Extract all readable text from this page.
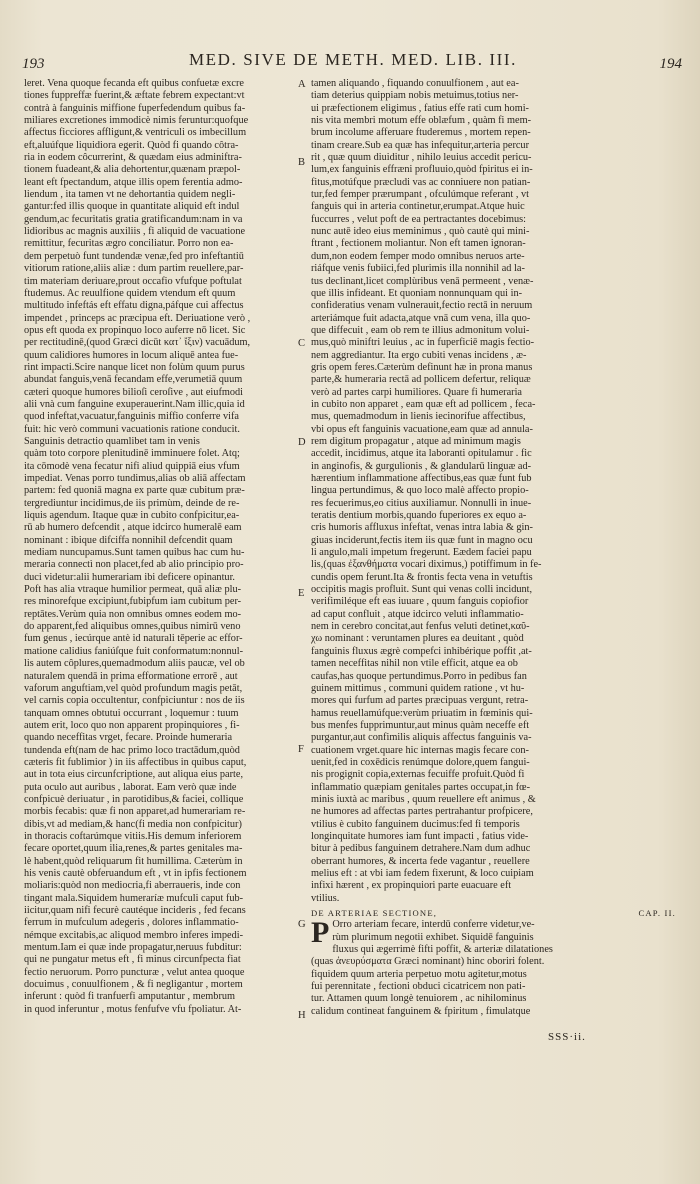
193	MED. SIVE DE METH. MED. LIB. III.	194
leret. Vena quoque fecanda eft quibus confuetæ excre
tiones fuppreffæ fuerint,& æftate febrem expectant:vt
contrà à fanguinis miffione fuperfedendum quibus fa-
miliares excretiones immodicè nimis feruntur:quofque
affectus ficciores affligunt,& ventriculi os imbecillum
eft,aluúfque liquidiora egerit. Quòd fi quando côtra-
ria in eodem côcurrerint, & quædam eius adminiftra-
tionem fuadeant,& alia dehortentur,quænam præpol-
leant eft fpectandum, atque illis opem ferentia admo-
liendum , ita tamen vt ne dehortantia quidem negli-
gantur:fed illis quoque in quantitate aliquid eft indul
gendum,ac fecuritatis gratia gratificandum:nam in va
lidioribus ac magnis auxiliis , fi aliquid de vacuatione
remittitur, fecuritas ægro conciliatur. Porro non ea-
dem perpetuò funt tundendæ venæ,fed pro infeftantiū
vitiorum ratione,aliis aliæ : dum partim reuellere,par-
tim materiam deriuare,prout occafio vfufque poftulat
ftudemus. Ac reuulfione quidem vtendum eft quum
multitudo infeftás eft effatu digna,páfque cui affectus
impendet , princeps ac præcipua eft. Deriuatione verò ,
opus eft quoda ex propinquo loco auferre nō licet. Sic
per rectitudinē,(quod Græci dicūt κατ᾽ ἴξιν) vacuādum,
quum calidiores humores in locum aliquē antea fue-
rint impacti.Scire nanque licet non folùm quum purus
abundat fanguis,venā fecandam effe,verumetiā quum
cæteri quoque humores bilioſi ceroſive , aut eiufmodi
alii vnà cum fanguine exuperauerint.Nam illic,quia id
quod infeftat,vacuatur,fanguinis miffio conferre vifa
fuit: hic verò communi vacuationis ratione conducit.
Sanguinis detractio quamlibet tam in venis
quàm toto corpore plenitudinē imminuere folet. Atq;
ita cōmodè vena fecatur nifi aliud quippiā eius vfum
impediat. Venas porro tundimus,alias ob aliā affectam
partem: fed quoniā magna ex parte quæ cubitum præ-
tergrediuntur incidimus,de iis primùm, deinde de re-
liquis agendum. Itaque quæ in cubito confpicitur,ea-
rū ab humero defcendit , atque idcirco humeralē eam
nominant : ibique difciffa nonnihil defcendit quam
mediam nuncupamus.Sunt tamen quibus hac cum hu-
meraria connectì non placet,fed ab alio principio pro-
duci videtur:alii humerariam ibi deficere opinantur.
Poft has alia vtraque humilior permeat, quā aliæ plu-
res minorefque excipiunt,fubipfum iam cubitum per-
reptātes.Verùm quia non omnibus omnes eodem mo-
do apparent,fed aliquibus omnes,quibus nimirū veno
fum genus , iecúrque antè id naturali tēperie ac effor-
matione calidius faniúſque fuit conformatum:nonnul-
lis autem côplures,quemadmodum aliis paucæ, vel ob
naturalem quendā in prima efformatione errorē , aut
vaforum anguftiam,vel quòd profundum magis petāt,
vel carnis copia occultentur, confpiciuntur : nos de iis
tanquam omnes obtutui occurrant , loquemur : tuum
autem erit, loco quo non apparent propinquiores , fi-
quando neceffitas vrget, fecare. Proinde humeraria
tundenda eft(nam de hac primo loco tractādum,quòd
cæteris fit fublimior ) in iis affectibus in quibus caput,
aut in tota eius circunfcriptione, aut aliqua eius parte,
puta oculo aut auribus , laborat. Eam verò quæ inde
confpicuè deriuatur , in parotidibus,& faciei, collique
morbis fecabis: quæ fi non apparet,ad humerariam re-
dibis,vt ad mediam,& hanc(fi media non confpicitur)
in thoracis coftarúmque vitiis.His demum inferiorem
fecare oportet,quum ilia,renes,& partes genitales ma-
lè habent,quòd reliquarum fit humillima. Cæterùm in
his venis cautè obferuandum eft , vt in ipfis fectionem
moliaris:quòd non mediocria,fi aberraueris, inde con
tingant mala.Siquidem humeraríæ mufculi caput fub-
iicitur,quam nifi fecurè cautéque incideris , fed fecans
ferrum in mufculum adegeris , dolores inflammatio-
némque excitabis,ac aliquod membro inferes impedi-
mentum.Iam ei quæ inde propagatur,neruus fubditur:
qui ne pungatur metus eft , fi minus circunfpecta fiat
fectio neruorum. Porro puncturæ , velut antea quoque
docuimus , conuulfionem , & fi negligantur , mortem
inferunt : quòd fi tranfuerfi amputantur , membrum
in quod inferuntur , motus fenfufve vfu fpoliatur. At-
tamen aliquando , fiquando conuulfionem , aut ea-
tiam deterius quippiam nobis metuimus,totius ner-
ui præfectionem eligimus , fatius effe rati cum homi-
nis vita membri motum effe oblæfum , quàm fi mem-
brum incolume afferuare ftuderemus , mortem repen-
tinam creare.Sub ea quæ has infequitur,arteria percur
rit , quæ quum diuiditur , nihilo leuius accedit pericu-
lum,ex fanguinis effræni profluuio,quòd fpiritus ei in-
fitus,motúfque præcludi vas ac conniuere non patian-
tur,fed femper prærumpant , ofculúmque referant , vt
fanguis qui in arteria continetur,erumpat.Atque huic
fuccurres , velut poft de ea pertractantes docebimus:
nunc autē ideo eius meminimus , quò cautè qui mini-
ftrant , fectionem moliantur. Non eft tamen ignoran-
dum,non eodem femper modo omnibus neruos arte-
riáfque venis fubiici,fed plurimis illa nonnihil ad la-
tus declinant,licet complùribus venā permeent , venæ-
que illis infideant. Et quoniam nonnunquam qui in-
confideratius venam vulnerauit,fectio rectā in neruum
arteriámque fuit adacta,atque vnā cum vena, illa quo-
que diffecuit , eam ob rem te illius admonitum volui-
mus,quò miniftri leuius , ac in fuperficiē magis fectio-
nem aggrediantur. Ita ergo cubiti venas incidens , æ-
gris opem feres.Cæterùm definunt hæ in prona manus
parte,& humeraria rectā ad pollicem defertur, reliquæ
verò ad partes carpi humiliores. Quare fi humeraria
in cubito non apparet , eam quæ eft ad pollicem , feca-
mus, quemadmodum in lienis iecinorífue affectibus,
vbi opus eft fanguinis vacuatione,eam quæ ad annula-
rem digitum propagatur , atque ad minimum magis
accedit, incidimus, atque ita laboranti opitulamur . fic
in anginofis, & gurgulionis , & glandularū linguæ ad-
hærentium inflammatione affectibus,eas quæ funt fub
lingua pertundimus, & quo loco malè affecto propio-
res fecuerimus,eo citius auxiliamur. Nonnulli in inue-
teratis dentium morbis,quando fuperiores ex equo a-
cris humoris affluxus infeftat, venas intra labia & gin-
giuas inciderunt,fectis item iis quæ funt in magno ocu
li angulo,mali impetum fregerunt. Eædem faciei papu
lis,(quas ἐξανθήματα vocari diximus,) potiffimum in fe-
cundis opem ferunt.Ita & frontis fecta vena in vetuftis
occipitis magis profluit. Sunt qui venas colli incidunt,
verifimiléque eft eas iuuare , quum fanguis copiofior
ad caput confluit , atque idcirco veluti inflammatio-
nem in cerebro concitat,aut fenfus veluti detinet,καῦ-
χω nominant : veruntamen plures ea deuitant , quòd
fanguinis fluxus ægrè compefci inhibérique poffit ,at-
tamen neceffitas nihil non vtile efficit, atque ea ob
caufas,has quoque pertundimus.Porro in pedibus fan
guinem mittimus , communi quidem ratione , vt hu-
mores qui furfum ad partes præcipuas vergunt, retra-
hamus reuellamúfque:verùm priuatim in fœminis qui-
bus menfes fupprimuntur,aut minus quàm neceffe eft
purgantur,aut confimilis aliquis affectus fanguinis va-
cuationem vrget.quare hic internas magis fecare con-
uenit,fed in coxēdicis renúmque dolore,quem fangui-
nis progignit copia,externas fecuiffe profuit.Quòd fi
inflammatio quæpiam genitales partes occupat,in fœ-
minis iuxtà ac maribus , quum reuellere eft animus , &
ne humores ad affectas partes pertrahantur profpicere,
vtilius è cubito fanguinem ducimus:fed fi temporis
longinquitate humores iam funt impacti , fatius vide-
bitur à pedibus fanguinem detrahere.Nam dum adhuc
oberrant humores, & incerta fede vagantur , reuellere
melius eft : at vbi iam fedem fixerunt, & loco cuipiam
infixi hærent , ex propinquiori parte euacuare eft
vtilius.
DE ARTERIAE SECTIONE,	CAP. II.
P Orro arteriam fecare, interdū conferre videtur,ve-
rùm plurimum negotii exhibet. Siquidē fanguinis
fluxus qui ægerrimè fifti poffit, & arteriæ dilatationes
(quas ἀνευρύσματα Græci nominant) hinc oboriri folent.
fiquidem quum arteria perpetuo motu agitetur,motus
fui perennitate , fectioni obduci cicatricem non pati-
tur. Attamen quum longè tenuiorem , ac nihilominus
calidum contineat fanguinem & fpiritum , fimulatque
A
B
C
D
E
F
G
H
SSS·ii.
